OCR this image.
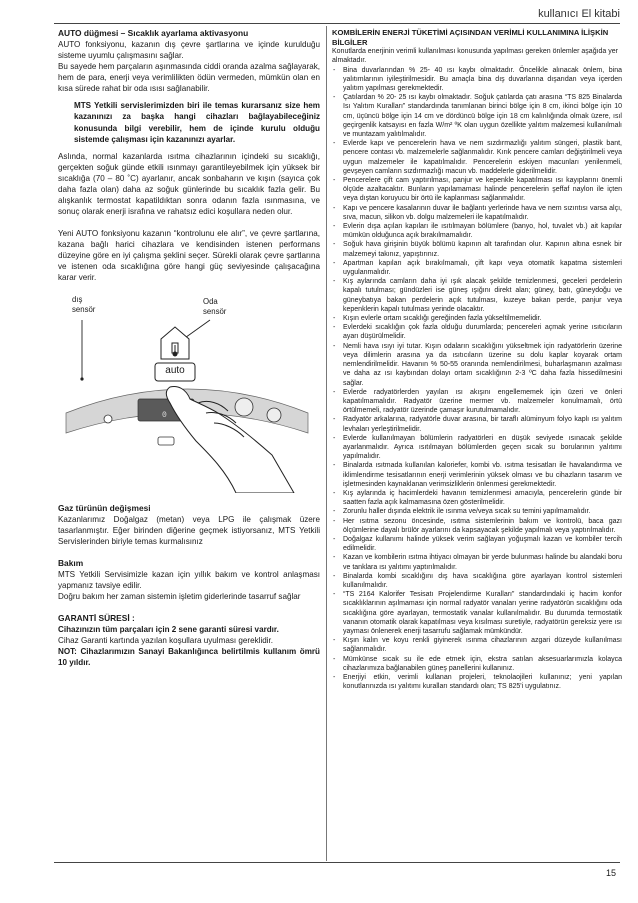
kullanıcı El kitabi
AUTO düğmesi – Sıcaklık ayarlama aktivasyonu

AUTO fonksiyonu, kazanın dış çevre şartlarına ve içinde kurulduğu sisteme uyumlu çalışmasını sağlar.

Bu sayede hem parçaların aşınmasında ciddi oranda azalma sağlayarak, hem de para, enerji veya verimlilikten ödün vermeden, mümkün olan en kısa sürede rahat bir oda ısısı sağlanabilir.

MTS Yetkili servislerimizden biri ile temas kurarsanız size hem kazanınızı za başka hangi cihazları bağlayabileceğiniz konusunda bilgi verebilir, hem de içinde kurulu olduğu sistemde çalışması için kazanınızı ayarlar.

Aslında, normal kazanlarda ısıtma cihazlarının içindeki su sıcaklığı, gerçekten soğuk günde etkili ısınmayı garantileyebilmek için yüksek bir sıcaklığa (70 – 80 ˚C) ayarlanır, ancak sonbaharın ve kışın (sayıca çok daha fazla olan) daha az soğuk günlerinde bu sıcaklık fazla gelir. Bu alışkanlık termostat kapatildıktan sonra odanın fazla ısınmasına, ve sonuç olarak enerji israfına ve rahatsız edici koşullara neden olur.

Yeni AUTO fonksiyonu kazanın “kontrolunu ele alır”, ve çevre şartlarına, kazana bağlı harici cihazlara ve kendisinden istenen performans düzeyine göre en iyi çalışma şeklini seçer. Sürekli olarak çevre şartlarına ve istenen oda sıcaklığına göre hangi güç seviyesinde çalışacağına karar verir.

dış
sensör
Oda
sensör
0
auto
Gaz türünün değişmesi

Kazanlarımız Doğalgaz (metan) veya LPG ile çalışmak üzere tasarlanmıştır. Eğer birinden diğerine geçmek istiyorsanız, MTS Yetkili Servislerinden biriyle temas kurmalısınız

Bakım

MTS Yetkili Servisimizle kazan için yıllık bakım ve kontrol anlaşması yapmanız tavsiye edilir.
Doğru bakım her zaman sistemin işletim giderlerinde tasarruf sağlar

GARANTİ SÜRESİ :

Cihazınızın tüm parçaları için 2 sene garanti süresi vardır.

Cihaz Garanti kartında yazılan koşullara uyulması gereklidir.

NOT: Cihazlarımızın Sanayi Bakanlığınca belirtilmis kullanım ömrü 10 yıldır.

KOMBİLERİN ENERJİ TÜKETİMİ AÇISINDAN VERİMLİ KULLANIMINA İLİŞKİN BİLGİLER

Konutlarda enerjinin verimli kullanılması konusunda yapılması gereken önlemler aşağıda yer almaktadır.

- Bina duvarlarından % 25- 40 ısı kaybı olmaktadır. Öncelikle alınacak önlem, bina yalıtımlarının iyileştirilmesidir. Bu amaçla bina dış duvarlarına dışarıdan veya içerden yalıtım yapılması gerekmektedir.
- Çatılardan % 20- 25 ısı kaybı olmaktadır. Soğuk çatılarda çatı arasına “TS 825 Binalarda Isı Yalıtım Kuralları” standardında tanımlanan birinci bölge için 8 cm, ikinci bölge için 10 cm, üçüncü bölge için 14 cm ve dördüncü bölge için 18 cm kalınlığında olmak üzere, ısıl geçirgenlik katsayısı en fazla W/m² ºK olan uygun özellikte yalıtım malzemesi kullanılmalı ve muntazam yalıtılmalıdır.
- Evlerde kapı ve pencerelerin hava ve nem sızdırmazlığı yalıtım süngeri, plastik bant, pencere contası vb. malzemelerle sağlanmalıdır. Kırık pencere camları değiştirilmeli veya uygun malzemeler ile kapatılmalıdır. Pencerelerin eskiyen macunları yenilenmeli, gevşeyen camların sızdırmazlığı macun vb. maddelerle giderilmelidir.
- Pencerelere çift cam yaptırılması, panjur ve kepenkle kapatılması ısı kayıplarını önemli ölçüde azaltacaktır. Bunların yapılamaması halinde pencerelerin şeffaf naylon ile içten veya dıştan koruyucu bir örtü ile kaplanması sağlanmalıdır.
- Kapı ve pencere kasalarının duvar ile bağlantı yerlerinde hava ve nem sızıntısı varsa alçı, sıva, macun, silikon vb. dolgu malzemeleri ile kapatılmalıdır.
- Evlerin dışa açılan kapıları ile ısıtılmayan bölümlere (banyo, hol, tuvalet vb.) ait kapılar mümkün olduğunca açık bırakılmamalıdır.
- Soğuk hava girişinin büyük bölümü kapının alt tarafından olur. Kapının altına esnek bir malzemeyi takınız, yapıştırınız.
- Apartman kapıları açık bırakılmamalı, çift kapı veya otomatik kapatma sistemleri uygulanmalıdır.
- Kış aylarında camların daha iyi ışık alacak şekilde temizlenmesi, geceleri perdelerin kapalı tutulması; gündüzleri ise güneş ışığını direkt alan; güney, batı, güneydoğu ve güneybatıya bakan perdelerin açık tutulması, kuzeye bakan perde, panjur veya kepenklerin kapalı tutulması yerinde olacaktır.
- Kışın evlerle ortam sıcaklığı gereğinden fazla yükseltilmemelidir.
- Evlerdeki sıcaklığın çok fazla olduğu durumlarda; pencereleri açmak yerine ısıtıcıların ayarı düşürülmelidir.
- Nemli hava ısıyı iyi tutar. Kışın odaların sıcaklığını yükseltmek için radyatörlerin üzerine veya dilimlerin arasına ya da ısıtıcıların üzerine su dolu kaplar koyarak ortam nemlendirilmelidir. Havanın % 50-55 oranında nemlendirilmesi, buharlaşmanın azalması ve daha az ısı kaybından dolayı ortam sıcaklığının 2-3 ºC daha fazla hissedilmesini sağlar.
- Evlerde radyatörlerden yayılan ısı akışını engellememek için üzeri ve önleri kapatılmamalıdır. Radyatör üzerine mermer vb. malzemeler konulmamalı, örtü örtülmemeli, radyatör üzerinde çamaşır kurutulmamalıdır.
- Radyatör arkalarına, radyatörle duvar arasına, bir taraflı alüminyum folyo kaplı ısı yalıtım levhaları yerleştirilmelidir.
- Evlerde kullanılmayan bölümlerin radyatörleri en düşük seviyede ısınacak şekilde ayarlanmalıdır. Ayrıca ısıtılmayan bölümlerden geçen sıcak su borularının yalıtımı yapılmalıdır.
- Binalarda ısıtmada kullanılan kaloriefer, kombi vb. ısıtma tesisatları ile havalandırma ve iklimlendirme tesisatlarının enerji verimlerinin yüksek olması ve bu cihazların tasarım ve işletmesinden kaynaklanan verimsizliklerin önlenmesi gerekmektedir.
- Kış aylarında iç hacimlerdeki havanın temizlenmesi amacıyla, pencerelerin günde bir saatten fazla açık kalmamasına özen gösterilmelidir.
- Zorunlu haller dışında elektrik ile ısınma ve/veya sıcak su temini yapılmamalıdır.
- Her ısıtma sezonu öncesinde, ısıtma sistemlerinin bakım ve kontrolü, baca gazı ölçümlerine dayalı brülör ayarlarını da kapsayacak şekilde yapılmalı veya yaptırılmalıdır.
- Doğalgaz kullanımı halinde yüksek verim sağlayan yoğuşmalı kazan ve kombiler tercih edilmelidir.
- Kazan ve kombilerin ısıtma ihtiyacı olmayan bir yerde bulunması halinde bu alandaki boru ve tanklara ısı yalıtımı yaptırılmalıdır.
- Binalarda kombi sıcaklığını dış hava sıcaklığına göre ayarlayan kontrol sistemleri kullanılmalıdır.
- “TS 2164 Kalorifer Tesisatı Projelendirme Kuralları” standardındaki iç hacim konfor sıcaklıklarının aşılmaması için normal radyatör vanaları yerine radyatörün sıcaklığını oda sıcaklığına göre ayarlayan, termostatik vanalar kullanılmalıdır. Bu durumda termostatik vananın otomatik olarak kapatılması veya kısılması suretiyle, radyatörün gereksiz yere ısı yayması önlenerek enerji tasarrufu sağlamak mümkündür.
- Kışın kalın ve koyu renkli giyinerek ısınma cihazlarının azgari düzeyde kullanılması sağlanmalıdır.
- Mümkünse sıcak su ile ede etmek için, ekstra satılan aksesuarlarımızla kolayca cihazlarımıza bağlanabilen güneş panellerini kullanınız.
- Enerjiyi etkin, verimli kullanan projeleri, teknolaojileri kullanınız; yeni yapılan konutlarınızda ısı yalıtımı kuralları standardı olan; TS 825'i uygulatınız.
15
